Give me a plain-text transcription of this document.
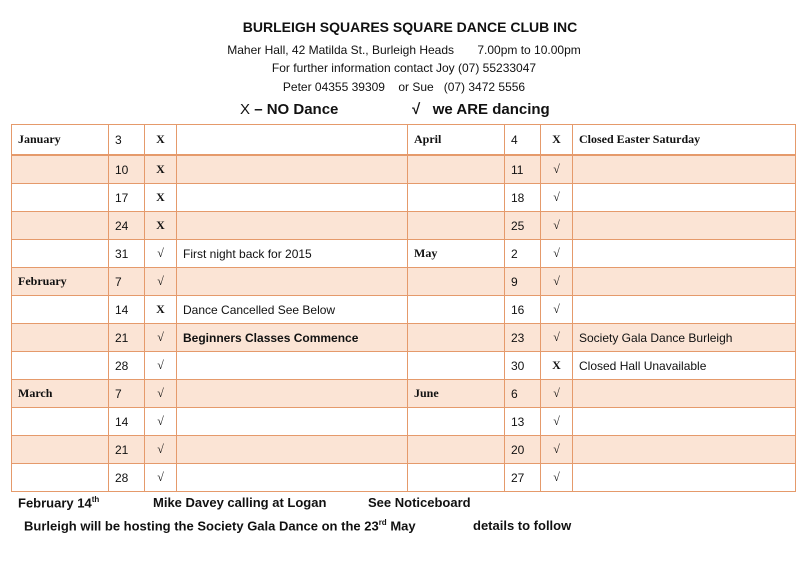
BURLEIGH SQUARES SQUARE DANCE CLUB INC
Maher Hall, 42 Matilda St., Burleigh Heads 7.00pm to 10.00pm
For further information contact Joy (07) 55233047
Peter 04355 39309 or Sue (07) 3472 5556
X – NO Dance	√ we ARE dancing
January	3	X		April	4	X	Closed Easter Saturday
	10	X			11	√	
	17	X			18	√	
	24	X			25	√	
	31	√	First night back for 2015	May	2	√	
February	7	√			9	√	
	14	X	Dance Cancelled See Below		16	√	
	21	√	Beginners Classes Commence		23	√	Society Gala Dance Burleigh
	28	√			30	X	Closed Hall Unavailable
March	7	√		June	6	√	
	14	√			13	√	
	21	√			20	√	
	28	√			27	√	
February 14th	Mike Davey calling at Logan	See Noticeboard
Burleigh will be hosting the Society Gala Dance on the 23rd May	details to follow
